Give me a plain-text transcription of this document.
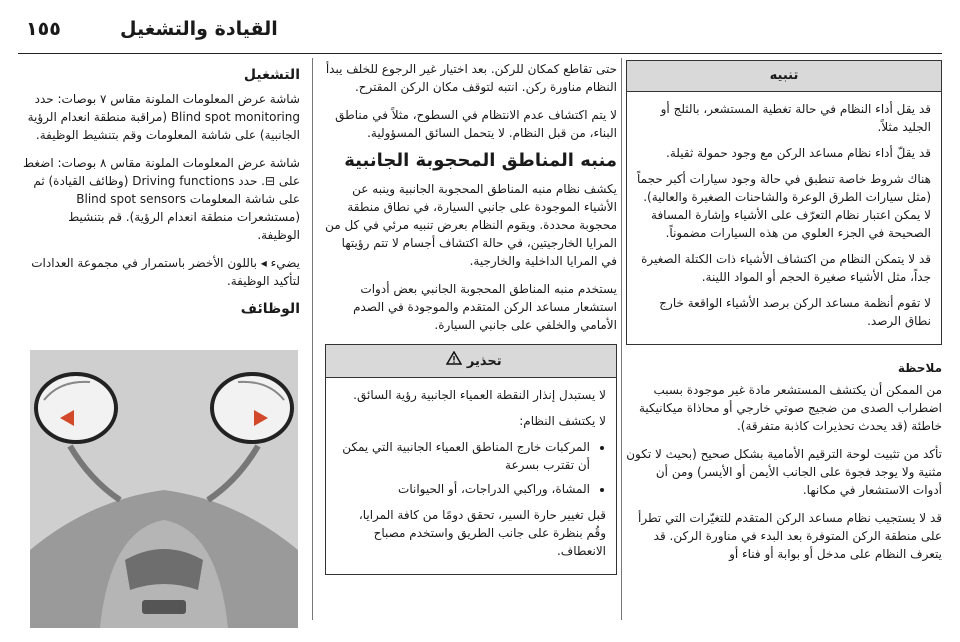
١٥٥	القيادة والتشغيل
تنبيه

قد يقل أداء النظام في حالة تغطية المستشعر، بالثلج أو الجليد مثلاً.

قد يقلّ أداء نظام مساعد الركن مع وجود حمولة ثقيلة.

هناك شروط خاصة تنطبق في حالة وجود سيارات أكبر حجماً (مثل سيارات الطرق الوعرة والشاحنات الصغيرة والعالية). لا يمكن اعتبار نظام التعرّف على الأشياء وإشارة المسافة الصحيحة في الجزء العلوي من هذه السيارات مضموناً.

قد لا يتمكن النظام من اكتشاف الأشياء ذات الكتلة الصغيرة جداً، مثل الأشياء صغيرة الحجم أو المواد اللينة.

لا تقوم أنظمة مساعد الركن برصد الأشياء الواقعة خارج نطاق الرصد.

ملاحظة

من الممكن أن يكتشف المستشعر مادة غير موجودة بسبب اضطراب الصدى من ضجيج صوتي خارجي أو محاذاة ميكانيكية خاطئة (قد يحدث تحذيرات كاذبة متفرقة).

تأكد من تثبيت لوحة الترقيم الأمامية بشكل صحيح (بحيث لا تكون مثنية ولا يوجد فجوة على الجانب الأيمن أو الأيسر) ومن أن أدوات الاستشعار في مكانها.

قد لا يستجيب نظام مساعد الركن المتقدم للتغيّرات التي تطرأ على منطقة الركن المتوفرة بعد البدء في مناورة الركن. قد يتعرف النظام على مدخل أو بوابة أو فناء أو

حتى تقاطع كمكان للركن. بعد اختيار غير الرجوع للخلف يبدأ النظام مناورة ركن. انتبه لتوقف مكان الركن المقترح.

لا يتم اكتشاف عدم الانتظام في السطوح، مثلاً في مناطق البناء، من قبل النظام. لا يتحمل السائق المسؤولية.

منبه المناطق المحجوبة الجانبية

يكشف نظام منبه المناطق المحجوبة الجانبية وينبه عن الأشياء الموجودة على جانبي السيارة، في نطاق منطقة محجوبة محددة. ويقوم النظام بعرض تنبيه مرئي في كل من المرايا الخارجيتين، في حالة اكتشاف أجسام لا تتم رؤيتها في المرايا الداخلية والخارجية.

يستخدم منبه المناطق المحجوبة الجانبي بعض أدوات استشعار مساعد الركن المتقدم والموجودة في الصدم الأمامي والخلفي على جانبي السيارة.

تحذير

لا يستبدل إنذار النقطة العمياء الجانبية رؤية السائق.

لا يكتشف النظام:

• المركبات خارج المناطق العمياء الجانبية التي يمكن أن تقترب بسرعة
• المشاة، وراكبي الدراجات، أو الحيوانات

قبل تغيير حارة السير، تحقق دومًا من كافة المرايا، وقُم بنظرة على جانب الطريق واستخدم مصباح الانعطاف.

التشغيل

شاشة عرض المعلومات الملونة مقاس ٧ بوصات: حدد Blind spot monitoring (مراقبة منطقة انعدام الرؤية الجانبية) على شاشة المعلومات وقم بتنشيط الوظيفة.

شاشة عرض المعلومات الملونة مقاس ٨ بوصات: اضغط على ⊟. حدد Driving functions (وظائف القيادة) ثم على شاشة المعلومات Blind spot sensors (مستشعرات منطقة انعدام الرؤية). قم بتنشيط الوظيفة.

يضيء ◂ باللون الأخضر باستمرار في مجموعة العدادات لتأكيد الوظيفة.

الوظائف
